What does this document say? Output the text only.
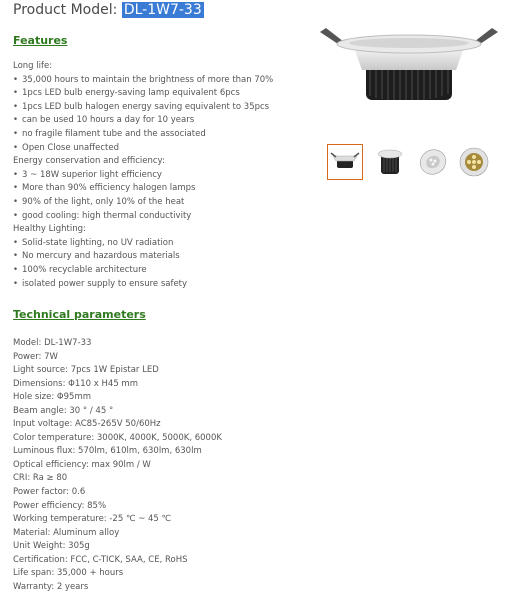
Product Model: DL-1W7-33
Features
Long life:
• 35,000 hours to maintain the brightness of more than 70%
• 1pcs LED bulb energy-saving lamp equivalent 6pcs
• 1pcs LED bulb halogen energy saving equivalent to 35pcs
• can be used 10 hours a day for 10 years
• no fragile filament tube and the associated
• Open Close unaffected
Energy conservation and efficiency:
• 3 ~ 18W superior light efficiency
• More than 90% efficiency halogen lamps
• 90% of the light, only 10% of the heat
• good cooling: high thermal conductivity
Healthy Lighting:
• Solid-state lighting, no UV radiation
• No mercury and hazardous materials
• 100% recyclable architecture
• isolated power supply to ensure safety
Technical parameters
Model: DL-1W7-33
Power: 7W
Light source: 7pcs 1W Epistar LED
Dimensions: Φ110 x H45 mm
Hole size: Φ95mm
Beam angle: 30 ° / 45 °
Input voltage: AC85-265V 50/60Hz
Color temperature: 3000K, 4000K, 5000K, 6000K
Luminous flux: 570lm, 610lm, 630lm, 630lm
Optical efficiency: max 90lm / W
CRI: Ra ≥ 80
Power factor: 0.6
Power efficiency: 85%
Working temperature: -25 ℃ ~ 45 ℃
Material: Aluminum alloy
Unit Weight: 305g
Certification: FCC, C-TICK, SAA, CE, RoHS
Life span: 35,000 + hours
Warranty: 2 years
